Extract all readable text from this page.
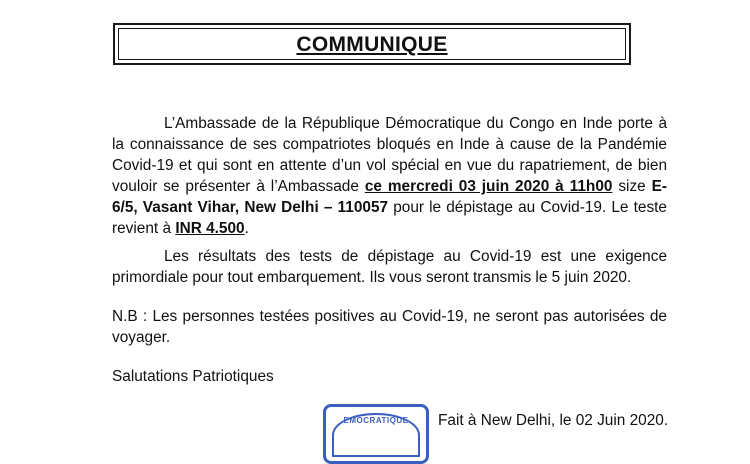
COMMUNIQUE
L’Ambassade de la République Démocratique du Congo en Inde porte à la connaissance de ses compatriotes bloqués en Inde à cause de la Pandémie Covid-19 et qui sont en attente d’un vol spécial en vue du rapatriement, de bien vouloir se présenter à l’Ambassade ce mercredi 03 juin 2020 à 11h00 size E-6/5, Vasant Vihar, New Delhi – 110057 pour le dépistage au Covid-19. Le teste revient à INR 4.500.
Les résultats des tests de dépistage au Covid-19 est une exigence primordiale pour tout embarquement. Ils vous seront transmis le 5 juin 2020.
N.B : Les personnes testées positives au Covid-19, ne seront pas autorisées de voyager.
Salutations Patriotiques
EMOCRATIQUE	Fait à New Delhi, le 02 Juin 2020.
